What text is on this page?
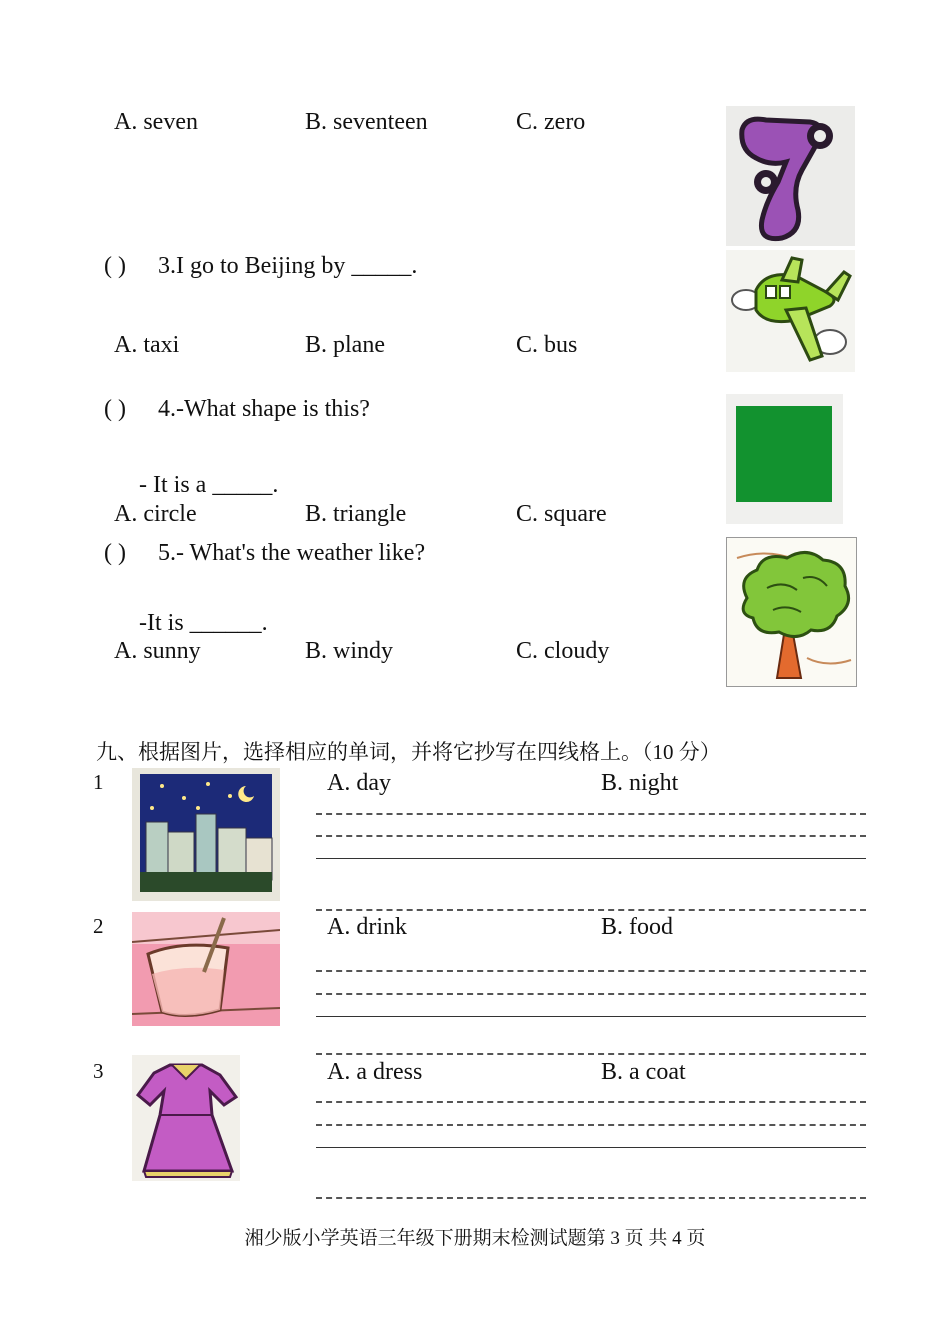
A. seven	B. seventeen	C. zero
( ) 3.I go to Beijing by _____.
A. taxi	B. plane	C. bus
( ) 4.-What shape is this?
- It is a _____.
A. circle	B. triangle	C. square
( ) 5.- What's the weather like?
-It is ______.
A. sunny	B. windy	C. cloudy
九、根据图片，选择相应的单词，并将它抄写在四线格上。（10 分）
1	A. day	B. night
2	A. drink	B. food
3	A. a dress	B. a coat
湘少版小学英语三年级下册期末检测试题第 3 页 共 4 页
